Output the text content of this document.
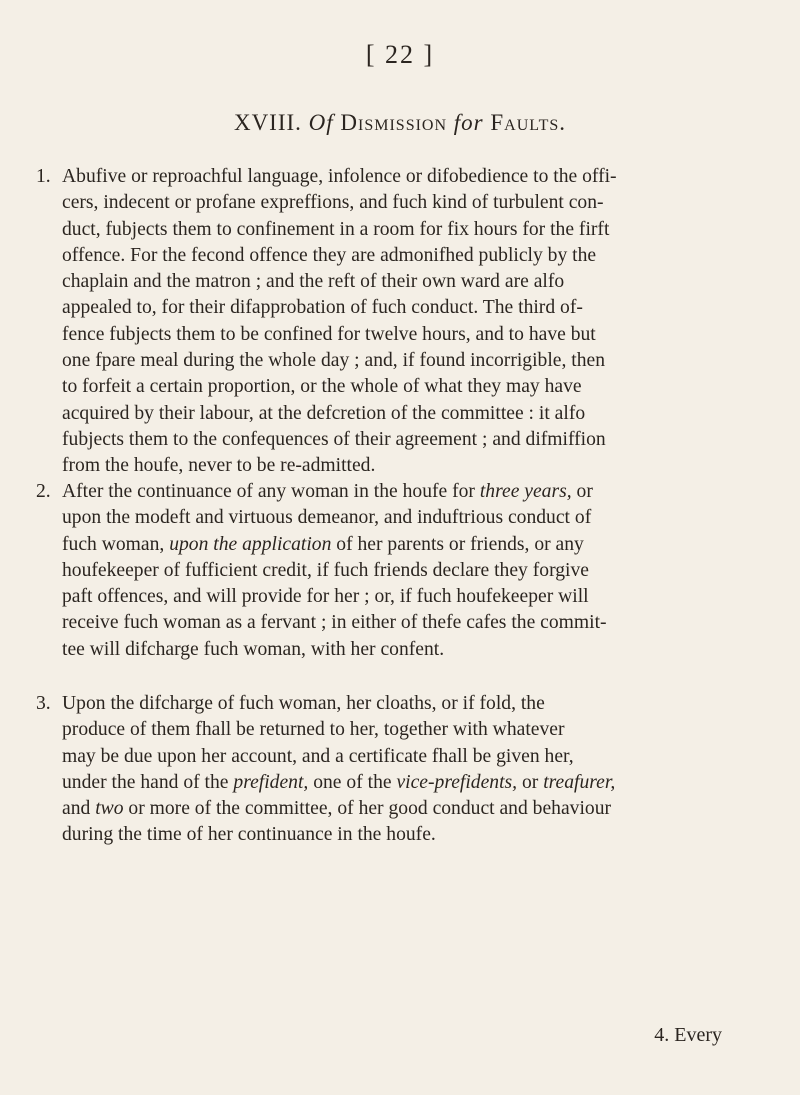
[ 22 ]
XVIII. Of Dismission for Faults.
1. Abufive or reproachful language, infolence or difobedience to the offi-
cers, indecent or profane expreffions, and fuch kind of turbulent con-
duct, fubjects them to confinement in a room for fix hours for the firft
offence. For the fecond offence they are admonifhed publicly by the
chaplain and the matron ; and the reft of their own ward are alfo
appealed to, for their difapprobation of fuch conduct. The third of-
fence fubjects them to be confined for twelve hours, and to have but
one fpare meal during the whole day ; and, if found incorrigible, then
to forfeit a certain proportion, or the whole of what they may have
acquired by their labour, at the defcretion of the committee : it alfo
fubjects them to the confequences of their agreement ; and difmiffion
from the houfe, never to be re-admitted.
2. After the continuance of any woman in the houfe for three years, or
upon the modeft and virtuous demeanor, and induftrious conduct of
fuch woman, upon the application of her parents or friends, or any
houfekeeper of fufficient credit, if fuch friends declare they forgive
paft offences, and will provide for her ; or, if fuch houfekeeper will
receive fuch woman as a fervant ; in either of thefe cafes the commit-
tee will difcharge fuch woman, with her confent.
3. Upon the difcharge of fuch woman, her cloaths, or if fold, the
produce of them fhall be returned to her, together with whatever
may be due upon her account, and a certificate fhall be given her,
under the hand of the prefident, one of the vice-prefidents, or treafurer,
and two or more of the committee, of her good conduct and behaviour
during the time of her continuance in the houfe.
4. Every
